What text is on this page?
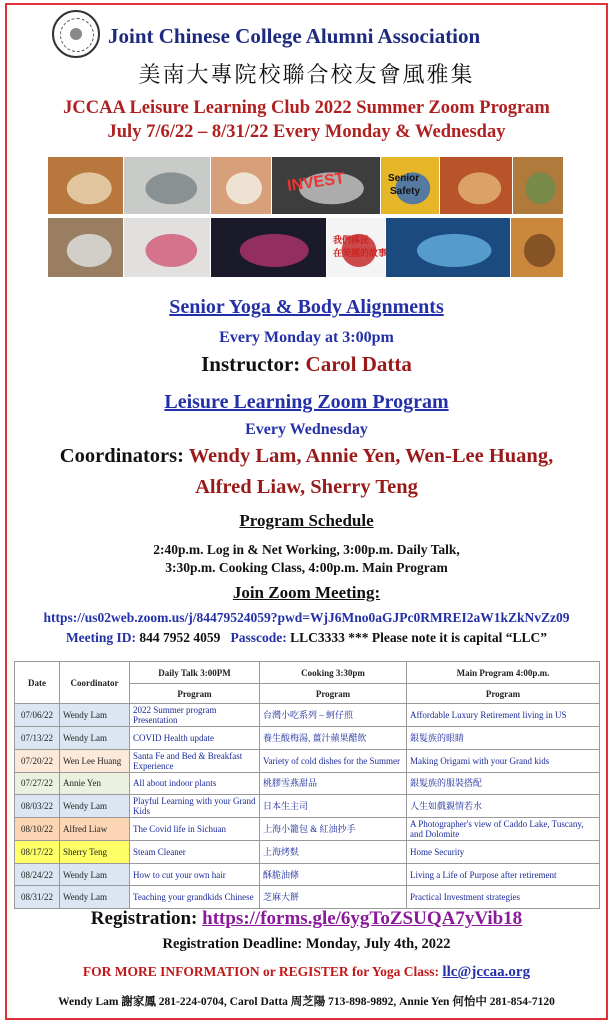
Joint Chinese College Alumni Association
美南大專院校聯合校友會風雅集
JCCAA Leisure Learning Club 2022 Summer Zoom Program
July 7/6/22 – 8/31/22 Every Monday & Wednesday
INVEST	Senior
Safety
我們移民
在美國的故事
Senior Yoga & Body Alignments
Every Monday at 3:00pm
Instructor: Carol Datta
Leisure Learning Zoom Program
Every Wednesday
Coordinators: Wendy Lam, Annie Yen, Wen-Lee Huang,
Alfred Liaw, Sherry Teng
Program Schedule
2:40p.m. Log in & Net Working, 3:00p.m. Daily Talk,
3:30p.m. Cooking Class, 4:00p.m. Main Program
Join Zoom Meeting:
https://us02web.zoom.us/j/84479524059?pwd=WjJ6Mno0aGJPc0RMREI2aW1kZkNvZz09
Meeting ID: 844 7952 4059 Passcode: LLC3333 *** Please note it is capital “LLC”
Date	Coordinator	Daily Talk 3:00PM	Cooking 3:30pm	Main Program 4:00p.m.
		Program	Program	Program
07/06/22	Wendy Lam	2022 Summer program Presentation	台灣小吃系列 – 蚵仔煎	Affordable Luxury Retirement living in US
07/13/22	Wendy Lam	COVID Health update	養生酸梅湯, 薑汁蘋果醋飲	銀髮族的眼睛
07/20/22	Wen Lee Huang	Santa Fe and Bed & Breakfast Experience	Variety of cold dishes for the Summer	Making Origami with your Grand kids
07/27/22	Annie Yen	All about indoor plants	桃膠雪燕甜品	銀髮族的服裝搭配
08/03/22	Wendy Lam	Playful Learning with your Grand Kids	日本生主司	人生如戲親情若水
08/10/22	Alfred Liaw	The Covid life in Sichuan	上海小籠包 & 紅油抄手	A Photographer's view of Caddo Lake, Tuscany, and Dolomite
08/17/22	Sherry Teng	Steam Cleaner	上海烤麩	Home Security
08/24/22	Wendy Lam	How to cut your own hair	酥脆油條	Living a Life of Purpose after retirement
08/31/22	Wendy Lam	Teaching your grandkids Chinese	芝麻大餅	Practical Investment strategies
Registration: https://forms.gle/6ygToZSUQA7yVib18
Registration Deadline: Monday, July 4th, 2022
FOR MORE INFORMATION or REGISTER for Yoga Class: llc@jccaa.org
Wendy Lam 謝家鳳 281-224-0704, Carol Datta 周芝陽 713-898-9892, Annie Yen 何怡中 281-854-7120
